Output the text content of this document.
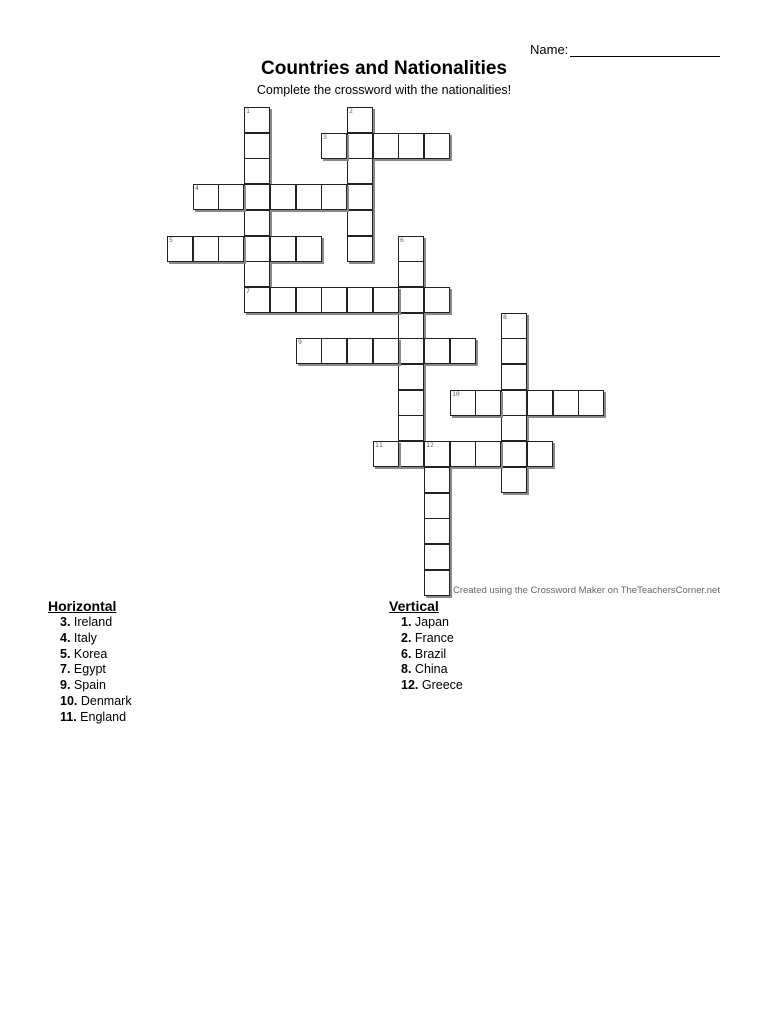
Name:
Countries and Nationalities
Complete the crossword with the nationalities!
1	2
3
4
5	6
7
8
9
10
11	12
Created using the Crossword Maker on TheTeachersCorner.net
Horizontal
3. Ireland
4. Italy
5. Korea
7. Egypt
9. Spain
10. Denmark
11. England
Vertical
1. Japan
2. France
6. Brazil
8. China
12. Greece
